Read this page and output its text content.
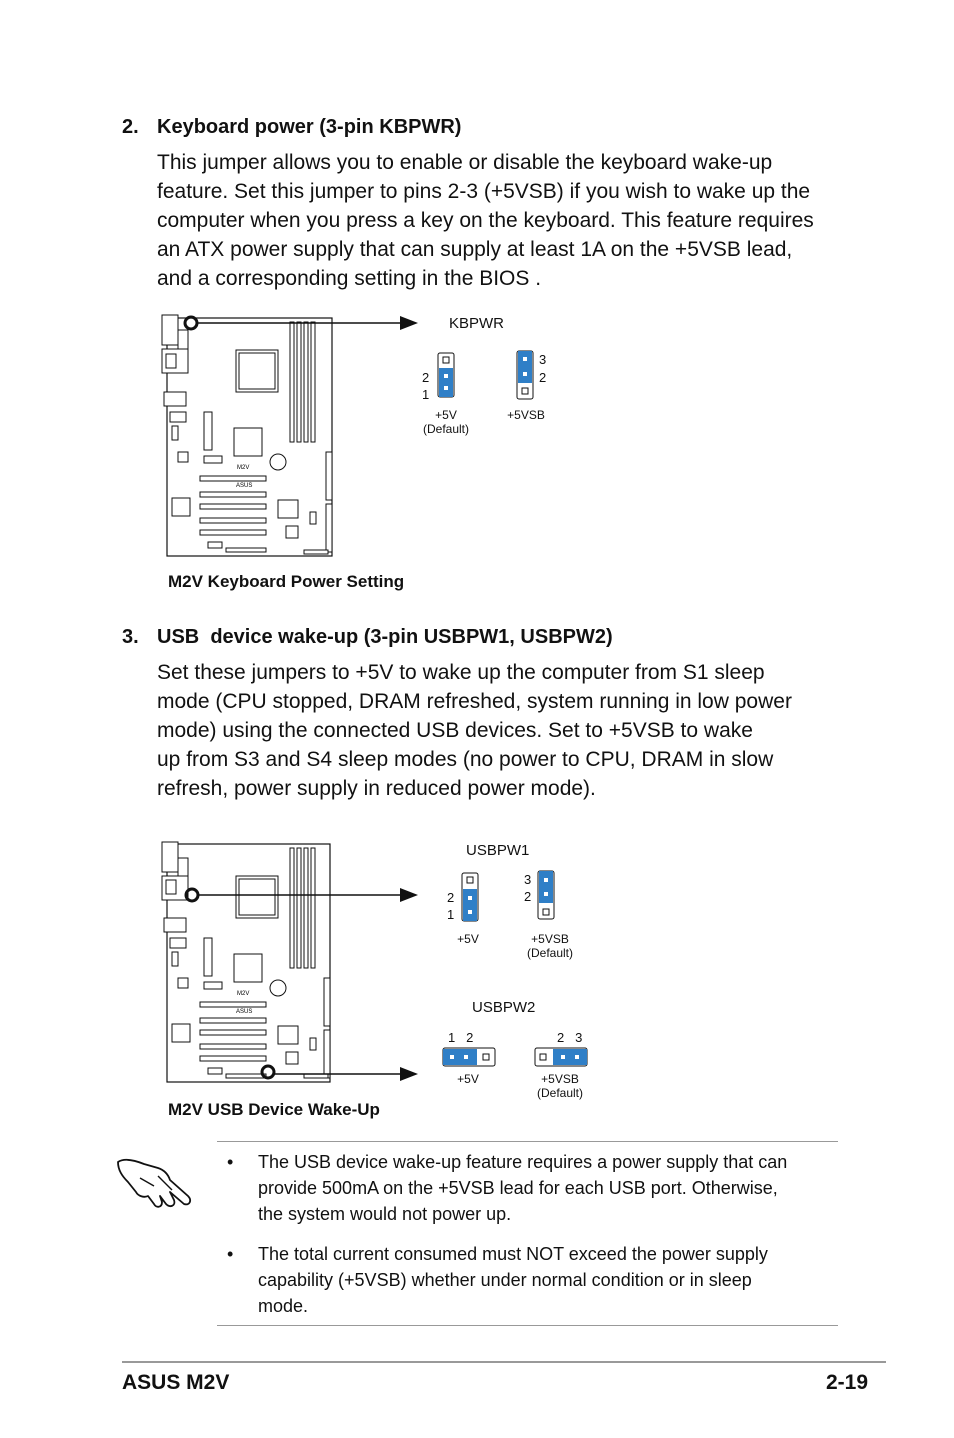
2. Keyboard power (3-pin KBPWR)
This jumper allows you to enable or disable the keyboard wake-up
feature. Set this jumper to pins 2-3 (+5VSB) if you wish to wake up the
computer when you press a key on the keyboard. This feature requires
an ATX power supply that can supply at least 1A on the +5VSB lead,
and a corresponding setting in the BIOS .
M2V
ASUS
KBPWR
2
1
+5V
(Default)
3
2
+5VSB
M2V Keyboard Power Setting
3. USB  device wake-up (3-pin USBPW1, USBPW2)
Set these jumpers to +5V to wake up the computer from S1 sleep
mode (CPU stopped, DRAM refreshed, system running in low power
mode) using the connected USB devices. Set to +5VSB to wake
up from S3 and S4 sleep modes (no power to CPU, DRAM in slow
refresh, power supply in reduced power mode).
M2V
ASUS
USBPW1
2
1
+5V
3
2
+5VSB
(Default)
USBPW2
1   2
+5V
2   3
+5VSB
(Default)
M2V USB Device Wake-Up
• The USB device wake-up feature requires a power supply that can
provide 500mA on the +5VSB lead for each USB port. Otherwise,
the system would not power up.
• The total current consumed must NOT exceed the power supply
capability (+5VSB) whether under normal condition or in sleep
mode.
ASUS M2V	2-19
